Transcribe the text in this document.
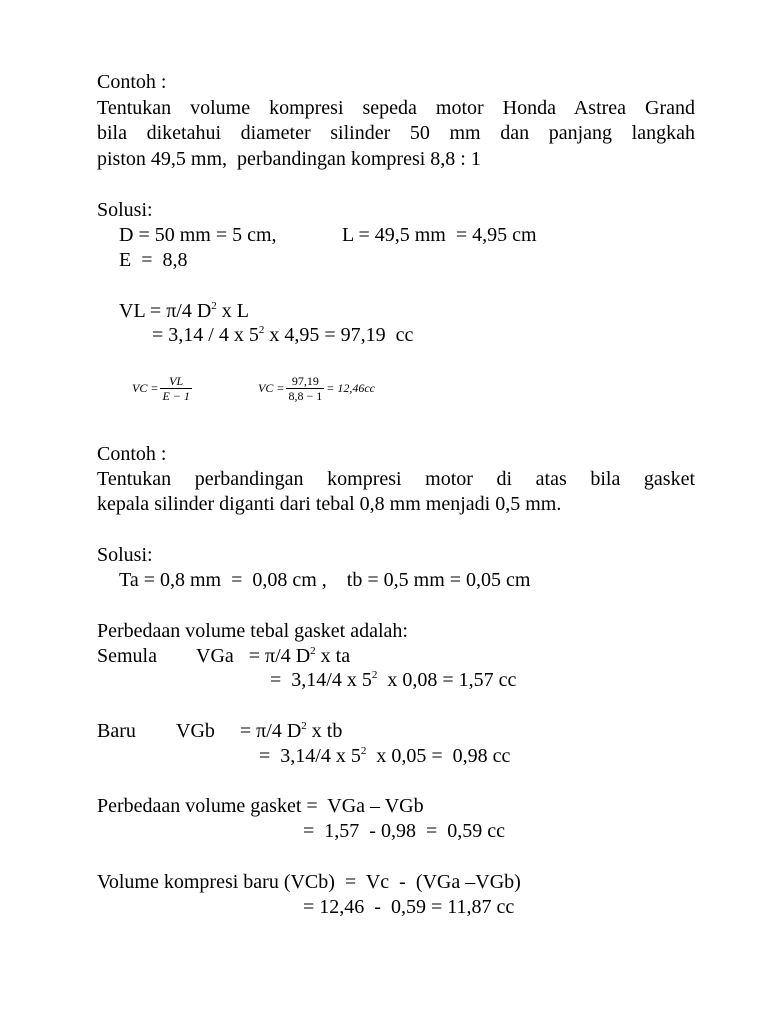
Contoh :
Tentukan volume kompresi sepeda motor Honda Astrea Grand
bila diketahui diameter silinder 50 mm dan panjang langkah
piston 49,5 mm,  perbandingan kompresi 8,8 : 1
Solusi:
D = 50 mm = 5 cm,	L = 49,5 mm  = 4,95 cm
E  =  8,8
VL = π/4 $D^2$ x L
= 3,14 / 4 x $5^2$ x 4,95 = 97,19  cc
VC = $\frac{VL}{E - 1}$	VC = $\frac{97,19}{8,8 - 1} = 12,46cc$
Contoh :
Tentukan perbandingan kompresi motor di atas bila gasket
kepala silinder diganti dari tebal 0,8 mm menjadi 0,5 mm.
Solusi:
Ta = 0,8 mm  =  0,08 cm ,    tb = 0,5 mm = 0,05 cm
Perbedaan volume tebal gasket adalah:
Semula VGa   = π/4 $D^2$ x ta
=  3,14/4 x $5^2$  x 0,08 = 1,57 cc
Baru VGb     = π/4 $D^2$ x tb
=  3,14/4 x $5^2$  x 0,05 =  0,98 cc
Perbedaan volume gasket =  VGa – VGb
=  1,57  - 0,98  =  0,59 cc
Volume kompresi baru (VCb)  =  Vc  -  (VGa –VGb)
= 12,46  -  0,59 = 11,87 cc
